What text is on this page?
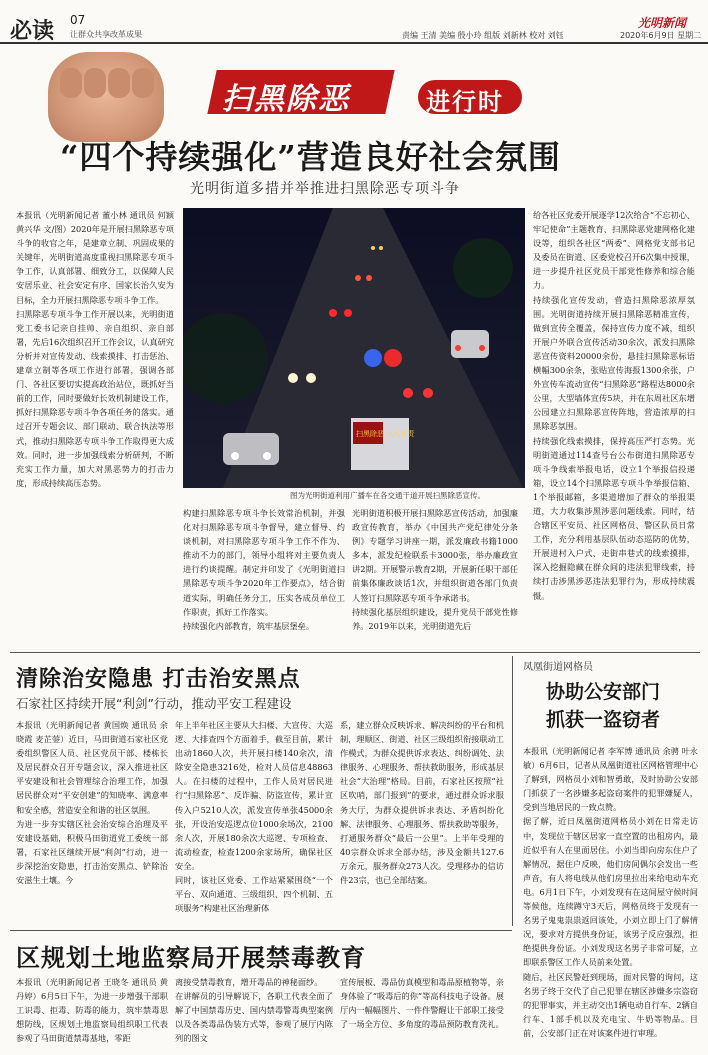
必读 07
让群众共享改革成果	责编 王清 美编 殷小玲 组版 刘新林 校对 刘钰
光明新闻
2020年6月9日 星期二
扫黑除恶	进行时
“四个持续强化”营造良好社会氛围
光明街道多措并举推进扫黑除恶专项斗争
本报讯（光明新闻记者 董小林 通讯员 何颖 黄兴华 文/图）2020年是开展扫黑除恶专项斗争的收官之年，是建章立制、巩固成果的关键年，光明街道高度重视扫黑除恶专项斗争工作，认真部署、细致分工，以保障人民安居乐业、社会安定有序、国家长治久安为目标，全力开展扫黑除恶专项斗争工作。
扫黑除恶专项斗争工作开展以来，光明街道党工委书记亲自挂帅、亲自组织、亲自部署，先后16次组织召开工作会议，认真研究分析并对宣传发动、线索摸排、打击惩治、建章立制等各项工作进行部署，强调各部门、各社区要切实提高政治站位，既抓好当前的工作，同时要做好长效机制建设工作，抓好扫黑除恶专项斗争各项任务的落实。通过召开专题会议、部门联动、联合执法等形式，推动扫黑除恶专项斗争工作取得更大成效。同时，进一步加强线索分析研判，不断充实工作力量，加大对黑恶势力的打击力度，形成持续高压态势。
扫黑除恶 人人有责
图为光明街道利用广播车在各交通干道开展扫黑除恶宣传。
构建扫黑除恶专项斗争长效常治机制，并强化对扫黑除恶专项斗争督导，建立督导、约谈机制，对扫黑除恶专项斗争工作不作为、推动不力的部门，领导小组将对主要负责人进行约谈提醒。制定并印发了《光明街道扫黑除恶专项斗争2020年工作要点》，结合街道实际，明确任务分工，压实各成员单位工作职责，抓好工作落实。
持续强化内部教育，筑牢基层堡垒。
光明街道积极开展扫黑除恶宣传活动，加强廉政宣传教育，举办《中国共产党纪律处分条例》专题学习讲座一期，派发廉政书籍1000多本，派发纪检联系卡3000张，举办廉政宣讲2期。开展警示教育2期，开展新任职干部任前集体廉政谈话1次，并组织街道各部门负责人签订扫黑除恶专项斗争承诺书。
持续强化基层组织建设，提升党员干部党性修养。2019年以来，光明街道先后
给各社区党委开展逐学12次给合“不忘初心、牢记使命”主题教育、扫黑除恶党建网格化建设等，组织各社区“两委”、网格党支部书记及委员在街道、区委党校召开6次集中授课，进一步提升社区党员干部党性修养和综合能力。
持续强化宣传发动，营造扫黑除恶浓厚氛围。光明街道持续开展扫黑除恶精准宣传，做到宣传全覆盖，保持宣传力度不减，组织开展户外联合宣传活动30余次，派发扫黑除恶宣传资料20000余份，悬挂扫黑除恶标语横幅300余条，张贴宣传海报1300余张，户外宣传车流动宣传“扫黑除恶”路程达8000余公里，大型墙体宣传5块，并在东周社区东增公园建立扫黑除恶宣传阵地，营造浓厚的扫黑除恶氛围。
持续强化线索摸排，保持高压严打态势。光明街道通过114查号台公布街道扫黑除恶专项斗争线索举报电话，设立1个举报信投递箱，设立14个扫黑除恶专项斗争举报信箱、1个举报邮箱，多渠道增加了群众的举报渠道，大力收集涉黑涉恶问题线索。同时，结合辖区平安员、社区网格员、警区队员日常工作，充分利用基层队伍动态巡防的优势，开展进村入户式、走街串巷式的线索摸排，深入挖掘隐藏在群众间的违法犯罪线索，持续打击涉黑涉恶违法犯罪行为，形成持续震慑。
清除治安隐患 打击治安黑点
石家社区持续开展“利剑”行动，推动平安工程建设
本报讯（光明新闻记者 黄国焕 通讯员 余晓霞 麦芷蓥）近日，马田街道石家社区党委组织警区人员、社区党员干部、楼栋长及居民群众召开专题会议，深入推进社区平安建设和社会管理综合治理工作，加强居民群众对“平安创建”的知晓率、满意率和安全感，营造安全和谐的社区氛围。
为进一步夯实辖区社会治安综合治理及平安建设基础，积极马田街道党工委统一部署，石家社区继续开展“利剑”行动，进一步深挖治安隐患，打击治安黑点、铲除治安滋生土壤。今
年上半年社区主要从大扫楼、大宣传、大巡逻、大排查四个方面着手，截至目前，累计出动1860人次，共开展扫楼140余次，清除安全隐患3216处，检对人员信息48863人。在扫楼的过程中，工作人员对居民进行“扫黑除恶”、反诈骗、防盗宣传，累计宣传入户5210人次，派发宣传单张45000余张，开设治安巡逻点位1000余场次，2100余人次，开展180余次大巡逻、专项检查、流动检查，检查1200余家场所，确保社区安全。
同时，该社区党委、工作站紧紧围绕“一个平台、双向通道、三级组织、四个机制、五项服务”构建社区治理新体
系，建立群众反映诉求、解决纠纷的平台和机制，理顺区、街道、社区三级组织衔接联动工作模式，为群众提供诉求表达、纠纷调处、法律服务、心理服务、帮扶救助服务，形成基层社会“大治理”格局。目前，石家社区按照“社区吹哨，部门报到”的要求，通过群众诉求服务大厅，为群众提供诉求表达、矛盾纠纷化解、法律服务、心理服务、帮扶救助等服务，打通服务群众“最后一公里”。上半年受理的40宗群众诉求全部办结，涉及金额共127.6万余元，服务群众273人次。受理移办的信访件23宗，也已全部结案。
凤凰街道网格员
协助公安部门
抓获一盗窃者
本报讯（光明新闻记者 李军博 通讯员 余骋 叶永敏）6月6日，记者从凤凰街道社区网格管理中心了解到，网格员小刘和智勇敢，及时协助公安部门抓获了一名涉嫌多起盗窃案件的犯罪嫌疑人，受到当地居民的一致点赞。
据了解，近日凤凰街道网格员小刘在日常走访中，发现位于辖区居家一直空置的出租房内，最近似乎有人在里面居住。小刘当即向房东住户了解情况，据住户反映，他们房间偶尔会发出一些声音，有人将电线从他们房里拉出来给电动车充电。6月1日下午，小刘发现有在这间屋守候时间等候他，连续蹲守3天后，网格员终于发现有一名男子鬼鬼祟祟返回该处，小刘立即上门了解情况，要求对方提供身份证，该男子反应强烈，拒绝提供身份证。小刘发现这名男子非常可疑，立即联系警区工作人员前来处置。
随后，社区民警赶到现场，面对民警的询问，这名男子终于交代了自己犯罪在辖区涉嫌多宗盗窃的犯罪事实，并主动交出1辆电动自行车、2辆自行车、1部手机以及充电宝、牛奶等物品。目前，公安部门正在对该案件进行审理。
区规划土地监察局开展禁毒教育
本报讯（光明新闻记者 王晓冬 通讯员 黄丹婷）6月5日下午，为进一步增强干部职工识毒、拒毒、防毒的能力，筑牢禁毒思想防线，区规划土地监察局组织职工代表参观了马田街道禁毒基地，零距
离接受禁毒教育，增开毒品的神秘面纱。
在讲解员的引导解说下，各职工代表全面了解了中国禁毒历史、国内禁毒警毒典型案例以及各类毒品伪装方式等，参观了展厅内陈列的图文
宣传展板、毒品仿真模型和毒品原植物等，亲身体验了“吸毒后的你”等高科技电子设备。展厅内一幅幅图片、一件件警醒让干部职工接受了一场全方位、多角度的毒品预防教育洗礼。
